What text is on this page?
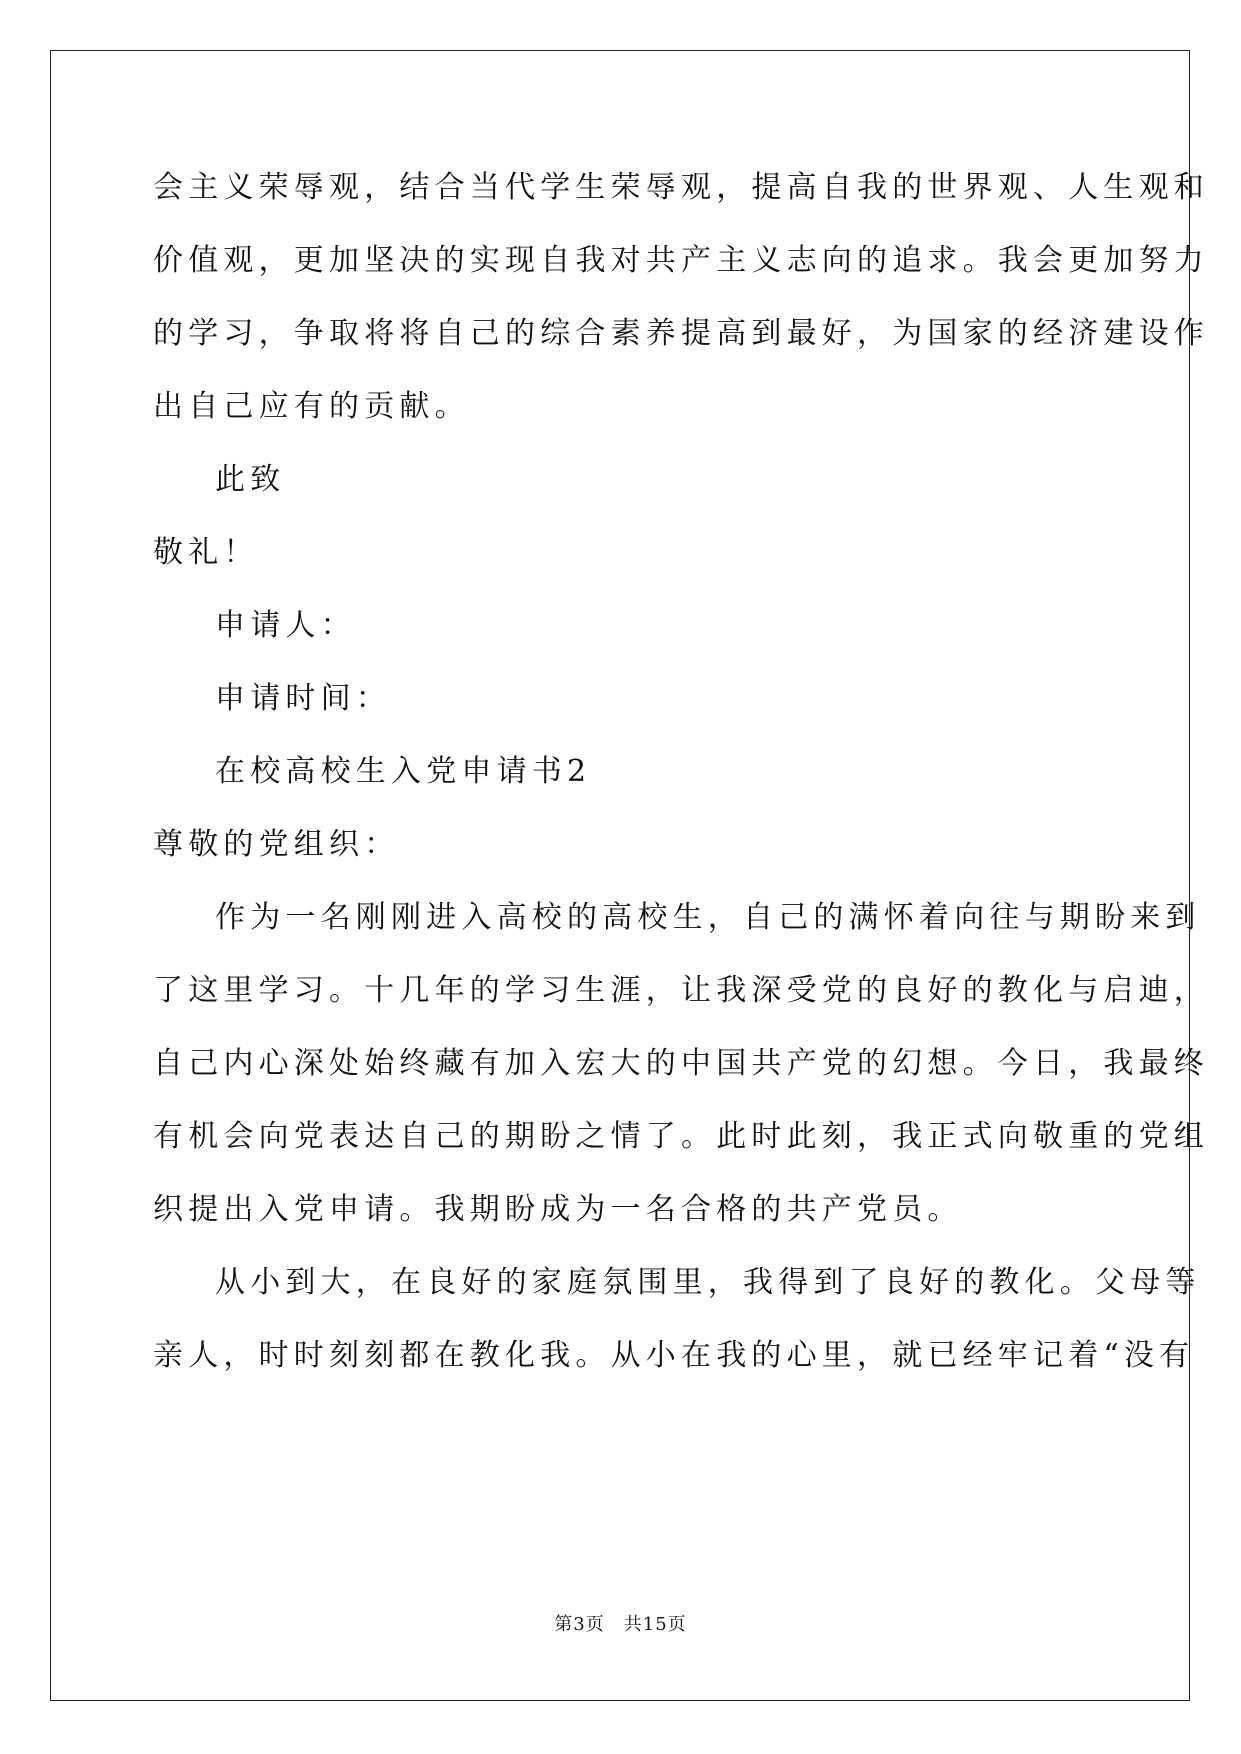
会主义荣辱观，结合当代学生荣辱观，提高自我的世界观、人生观和
价值观，更加坚决的实现自我对共产主义志向的追求。我会更加努力
的学习，争取将将自己的综合素养提高到最好，为国家的经济建设作
出自己应有的贡献。
此致
敬礼！
申请人：
申请时间：
在校高校生入党申请书2
尊敬的党组织：
作为一名刚刚进入高校的高校生，自己的满怀着向往与期盼来到
了这里学习。十几年的学习生涯，让我深受党的良好的教化与启迪，
自己内心深处始终藏有加入宏大的中国共产党的幻想。今日，我最终
有机会向党表达自己的期盼之情了。此时此刻，我正式向敬重的党组
织提出入党申请。我期盼成为一名合格的共产党员。
从小到大，在良好的家庭氛围里，我得到了良好的教化。父母等
亲人，时时刻刻都在教化我。从小在我的心里，就已经牢记着“没有
第3页　共15页
